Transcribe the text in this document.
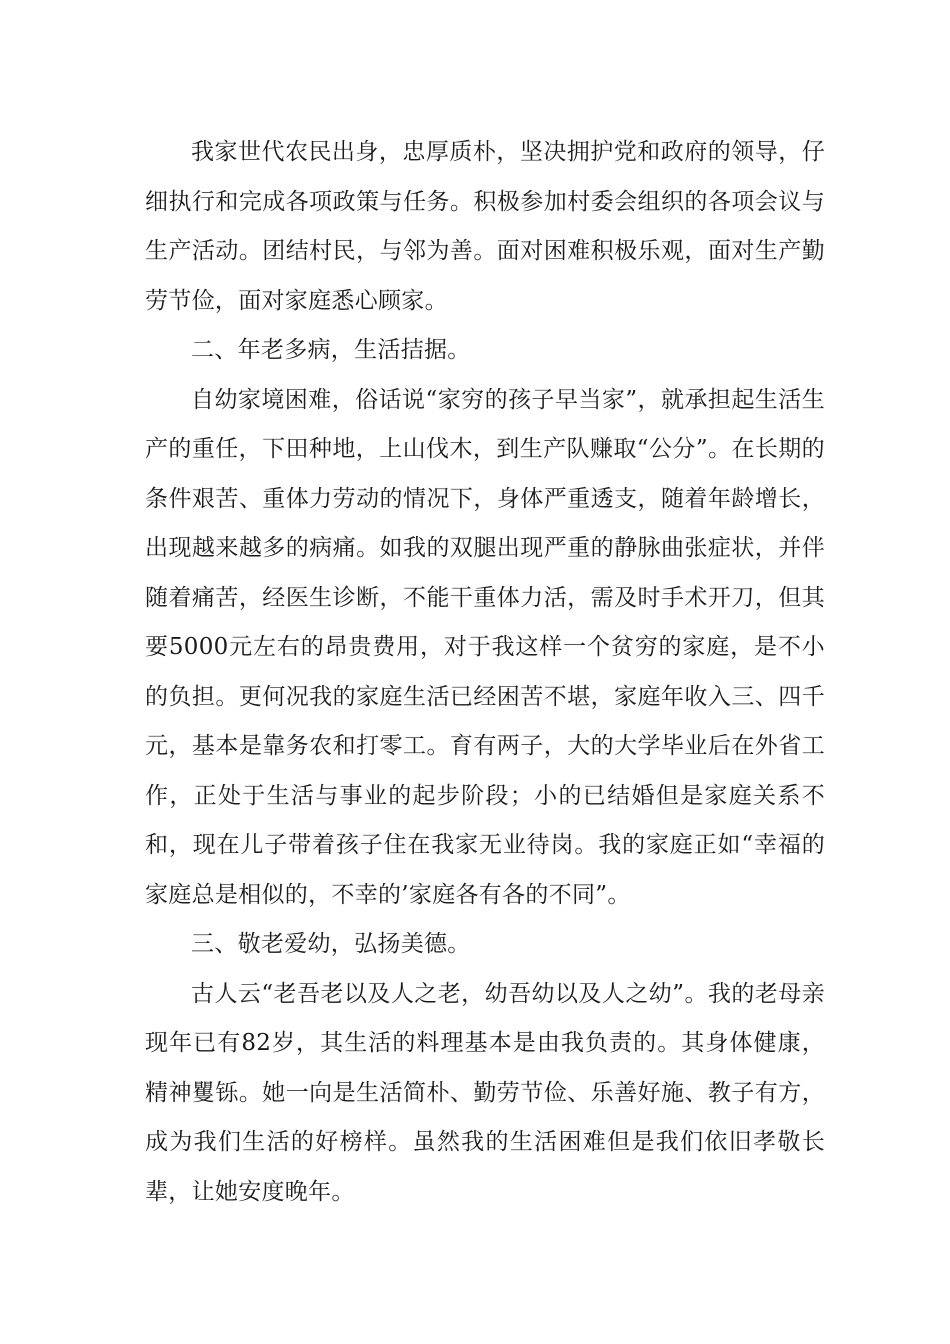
我家世代农民出身，忠厚质朴，坚决拥护党和政府的领导，仔细执行和完成各项政策与任务。积极参加村委会组织的各项会议与生产活动。团结村民，与邻为善。面对困难积极乐观，面对生产勤劳节俭，面对家庭悉心顾家。

二、年老多病，生活拮据。

自幼家境困难，俗话说“家穷的孩子早当家”，就承担起生活生产的重任，下田种地，上山伐木，到生产队赚取“公分”。在长期的条件艰苦、重体力劳动的情况下，身体严重透支，随着年龄增长，出现越来越多的病痛。如我的双腿出现严重的静脉曲张症状，并伴随着痛苦，经医生诊断，不能干重体力活，需及时手术开刀，但其要5000元左右的昂贵费用，对于我这样一个贫穷的家庭，是不小的负担。更何况我的家庭生活已经困苦不堪，家庭年收入三、四千元，基本是靠务农和打零工。育有两子，大的大学毕业后在外省工作，正处于生活与事业的起步阶段；小的已结婚但是家庭关系不和，现在儿子带着孩子住在我家无业待岗。我的家庭正如“幸福的家庭总是相似的，不幸的’家庭各有各的不同”。

三、敬老爱幼，弘扬美德。

古人云“老吾老以及人之老，幼吾幼以及人之幼”。我的老母亲现年已有82岁，其生活的料理基本是由我负责的。其身体健康，精神矍铄。她一向是生活简朴、勤劳节俭、乐善好施、教子有方，成为我们生活的好榜样。虽然我的生活困难但是我们依旧孝敬长辈，让她安度晚年。
